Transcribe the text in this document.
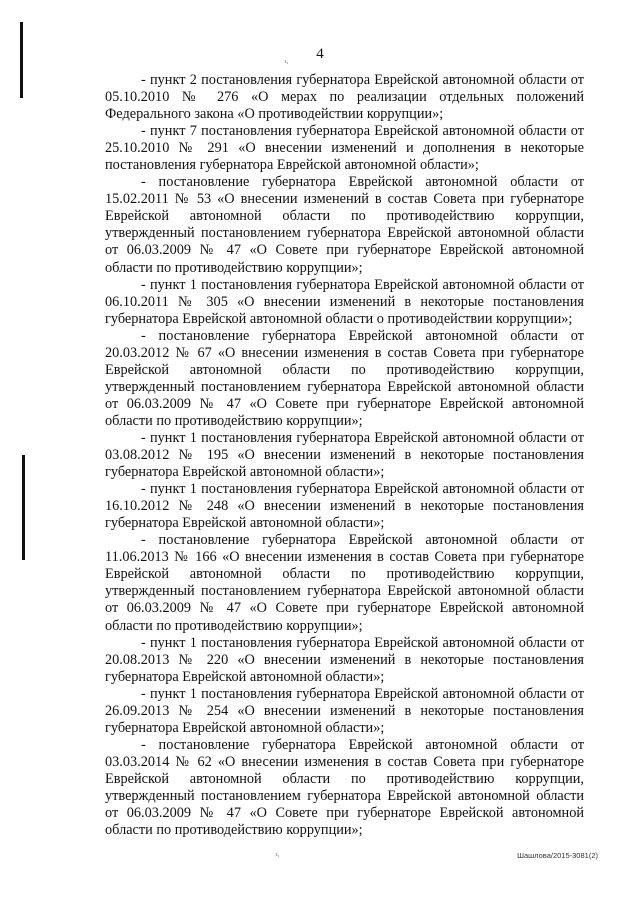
ı,
ı,
4

- пункт 2 постановления губернатора Еврейской автономной области от 05.10.2010 № 276 «О мерах по реализации отдельных положений Федерального закона «О противодействии коррупции»;

- пункт 7 постановления губернатора Еврейской автономной области от 25.10.2010 № 291 «О внесении изменений и дополнения в некоторые постановления губернатора Еврейской автономной области»;

- постановление губернатора Еврейской автономной области от 15.02.2011 № 53 «О внесении изменений в состав Совета при губернаторе Еврейской автономной области по противодействию коррупции, утвержденный постановлением губернатора Еврейской автономной области от 06.03.2009 № 47 «О Совете при губернаторе Еврейской автономной области по противодействию коррупции»;

- пункт 1 постановления губернатора Еврейской автономной области от 06.10.2011 № 305 «О внесении изменений в некоторые постановления губернатора Еврейской автономной области о противодействии коррупции»;

- постановление губернатора Еврейской автономной области от 20.03.2012 № 67 «О внесении изменения в состав Совета при губернаторе Еврейской автономной области по противодействию коррупции, утвержденный постановлением губернатора Еврейской автономной области от 06.03.2009 № 47 «О Совете при губернаторе Еврейской автономной области по противодействию коррупции»;

- пункт 1 постановления губернатора Еврейской автономной области от 03.08.2012 № 195 «О внесении изменений в некоторые постановления губернатора Еврейской автономной области»;

- пункт 1 постановления губернатора Еврейской автономной области от 16.10.2012 № 248 «О внесении изменений в некоторые постановления губернатора Еврейской автономной области»;

- постановление губернатора Еврейской автономной области от 11.06.2013 № 166 «О внесении изменения в состав Совета при губернаторе Еврейской автономной области по противодействию коррупции, утвержденный постановлением губернатора Еврейской автономной области от 06.03.2009 № 47 «О Совете при губернаторе Еврейской автономной области по противодействию коррупции»;

- пункт 1 постановления губернатора Еврейской автономной области от 20.08.2013 № 220 «О внесении изменений в некоторые постановления губернатора Еврейской автономной области»;

- пункт 1 постановления губернатора Еврейской автономной области от 26.09.2013 № 254 «О внесении изменений в некоторые постановления губернатора Еврейской автономной области»;

- постановление губернатора Еврейской автономной области от 03.03.2014 № 62 «О внесении изменения в состав Совета при губернаторе Еврейской автономной области по противодействию коррупции, утвержденный постановлением губернатора Еврейской автономной области от 06.03.2009 № 47 «О Совете при губернаторе Еврейской автономной области по противодействию коррупции»;

Шашлова/2015-3081(2)
